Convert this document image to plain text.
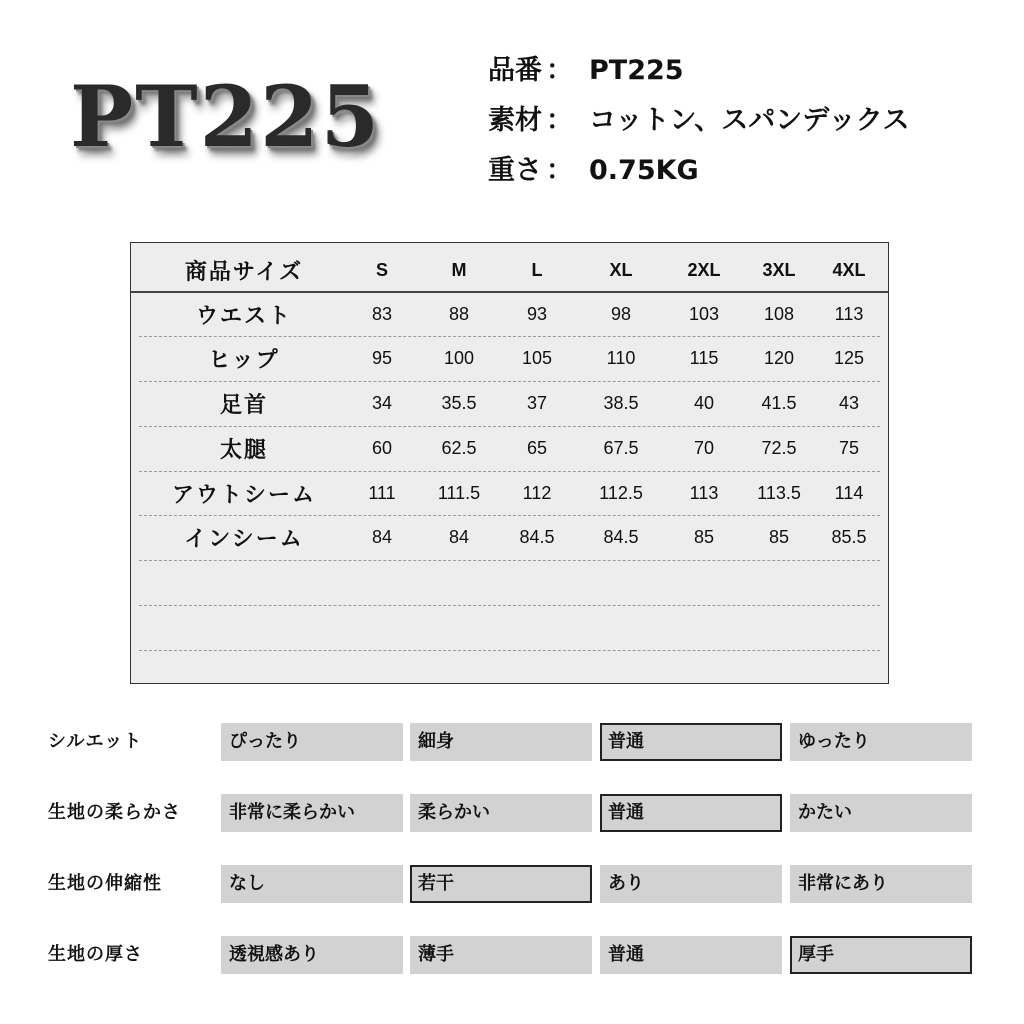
PT225	品番 ： PT225
素材 ： コットン、スパンデックス
重さ ： 0.75KG
商品サイズ	S	M	L	XL	2XL	3XL	4XL
ウエスト	83	88	93	98	103	108	113
ヒップ	95	100	105	110	115	120	125
足首	34	35.5	37	38.5	40	41.5	43
太腿	60	62.5	65	67.5	70	72.5	75
アウトシーム	111	111.5	112	112.5	113	113.5	114
インシーム	84	84	84.5	84.5	85	85	85.5
シルエット	ぴったり	細身	普通	ゆったり
生地の柔らかさ	非常に柔らかい	柔らかい	普通	かたい
生地の伸縮性	なし	若干	あり	非常にあり
生地の厚さ	透視感あり	薄手	普通	厚手
